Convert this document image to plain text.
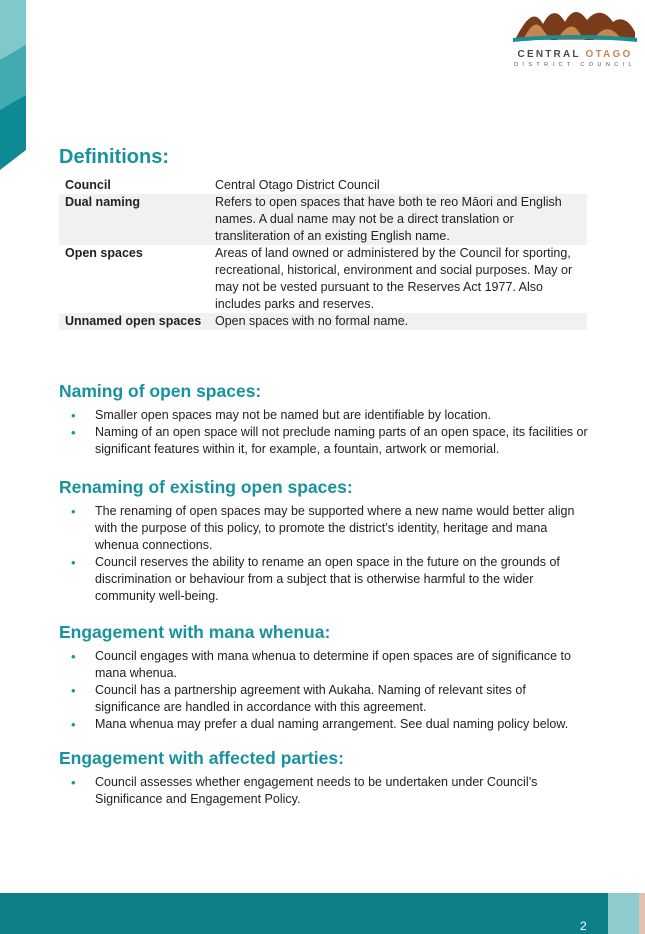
CENTRAL OTAGO
DISTRICT COUNCIL
Definitions:
Council	Central Otago District Council
Dual naming	Refers to open spaces that have both te reo Māori and English names. A dual name may not be a direct translation or transliteration of an existing English name.
Open spaces	Areas of land owned or administered by the Council for sporting, recreational, historical, environment and social purposes. May or may not be vested pursuant to the Reserves Act 1977. Also includes parks and reserves.
Unnamed open spaces	Open spaces with no formal name.
Naming of open spaces:
• Smaller open spaces may not be named but are identifiable by location.
• Naming of an open space will not preclude naming parts of an open space, its facilities or significant features within it, for example, a fountain, artwork or memorial.
Renaming of existing open spaces:
• The renaming of open spaces may be supported where a new name would better align with the purpose of this policy, to promote the district’s identity, heritage and mana whenua connections.
• Council reserves the ability to rename an open space in the future on the grounds of discrimination or behaviour from a subject that is otherwise harmful to the wider community well-being.
Engagement with mana whenua:
• Council engages with mana whenua to determine if open spaces are of significance to mana whenua.
• Council has a partnership agreement with Aukaha. Naming of relevant sites of significance are handled in accordance with this agreement.
• Mana whenua may prefer a dual naming arrangement. See dual naming policy below.
Engagement with affected parties:
• Council assesses whether engagement needs to be undertaken under Council’s Significance and Engagement Policy.
2
